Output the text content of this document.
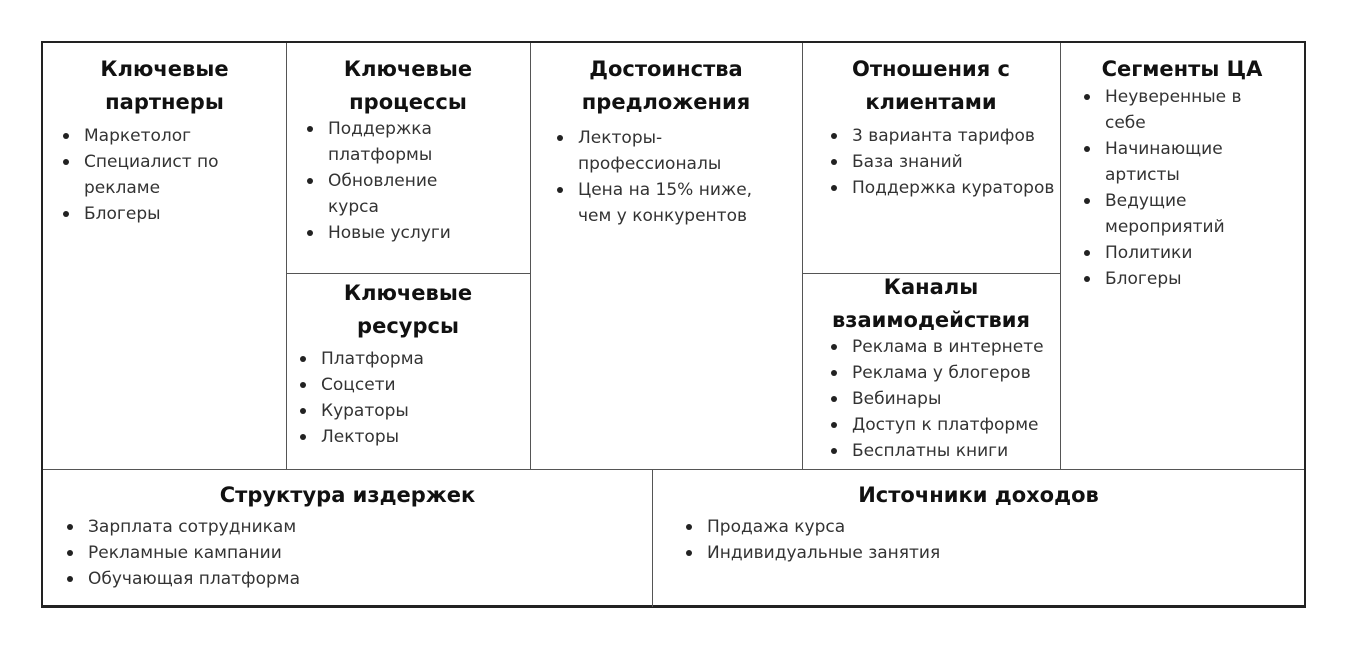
Ключевые
партнеры
Маркетолог
Специалист по рекламе
Блогеры
Ключевые
процессы
Поддержка платформы
Обновление курса
Новые услуги
Ключевые
ресурсы
Платформа
Соцсети
Кураторы
Лекторы
Достоинства
предложения
Лекторы-профессионалы
Цена на 15% ниже, чем у конкурентов
Отношения с
клиентами
3 варианта тарифов
База знаний
Поддержка кураторов
Каналы
взаимодействия
Реклама в интернете
Реклама у блогеров
Вебинары
Доступ к платформе
Бесплатны книги
Сегменты ЦА
Неуверенные в себе
Начинающие артисты
Ведущие мероприятий
Политики
Блогеры
Структура издержек
Зарплата сотрудникам
Рекламные кампании
Обучающая платформа
Источники доходов
Продажа курса
Индивидуальные занятия
